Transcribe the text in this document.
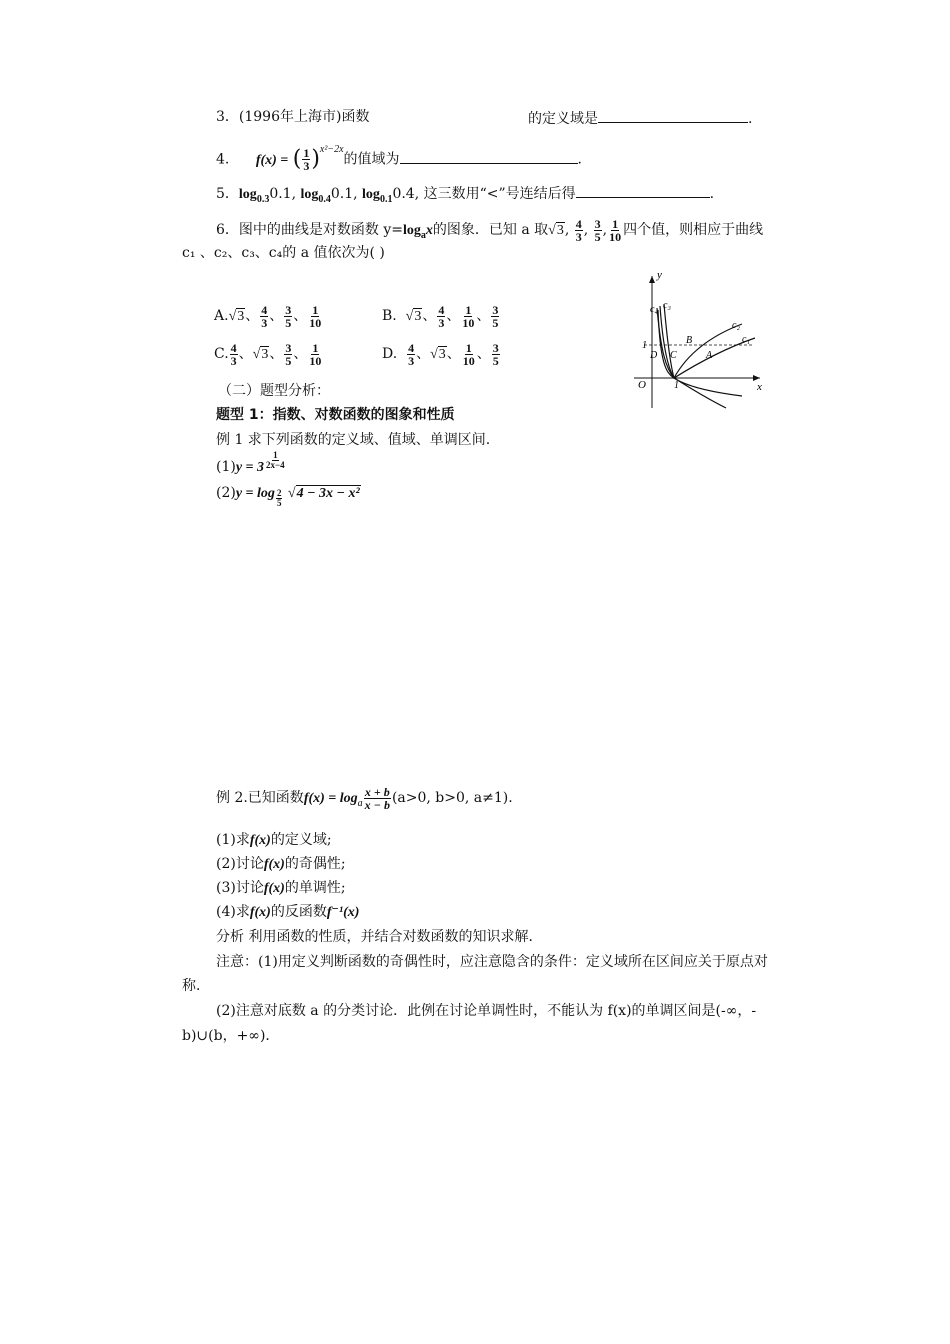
3．(1996年上海市)函数	的定义域是	.
4. f(x) = ( $\frac{1}{3} )^{x^2-2x}$的值域为	.
5．$\log_{0.3}0.1$, $\log_{0.4}0.1$, $\log_{0.1}0.4$, 这三数用“<”号连结后得	.
6．图中的曲线是对数函数 $y=\log_ax$的图象．已知 a 取√3, $\frac{4}{3}$ , $\frac{3}{5}$ , $\frac{1}{10}$ 四个值，则相应于曲线
c₁ 、c₂、c₃、c₄的 a 值依次为( )
A.√3、 $\frac{4}{3}$ 、 $\frac{3}{5}$ 、 $\frac{1}{10}$	B. √3、 $\frac{4}{3}$ 、 $\frac{1}{10}$ 、 $\frac{3}{5}$
C. $\frac{4}{3}$ 、√3、 $\frac{3}{5}$ 、 $\frac{1}{10}$	D. $\frac{4}{3}$ 、√3、 $\frac{1}{10}$ 、 $\frac{3}{5}$
y
x
O
1
1
c₄ c₃
c₂
c₁
B
D C	A
（二）题型分析：
题型 1：指数、对数函数的图象和性质
例 1 求下列函数的定义域、值域、单调区间.
$(1)y = 3 \frac{1}{2x-4}$
$(2)y = \log \frac{2}{5} √4 - 3x - x^2$
例 2.已知函数$f(x) = \log_a \frac{x + b}{x - b} (a>0$, b>0, a≠1).
(1)求f(x)的定义域;
(2)讨论f(x)的奇偶性;
(3)讨论f(x)的单调性;
(4)求f(x)的反函数f⁻¹(x)
分析 利用函数的性质，并结合对数函数的知识求解．
注意：(1)用定义判断函数的奇偶性时，应注意隐含的条件：定义域所在区间应关于原点对
称．
(2)注意对底数 a 的分类讨论．此例在讨论单调性时，不能认为 f(x)的单调区间是(-∞，-
b)∪(b，+∞)．
